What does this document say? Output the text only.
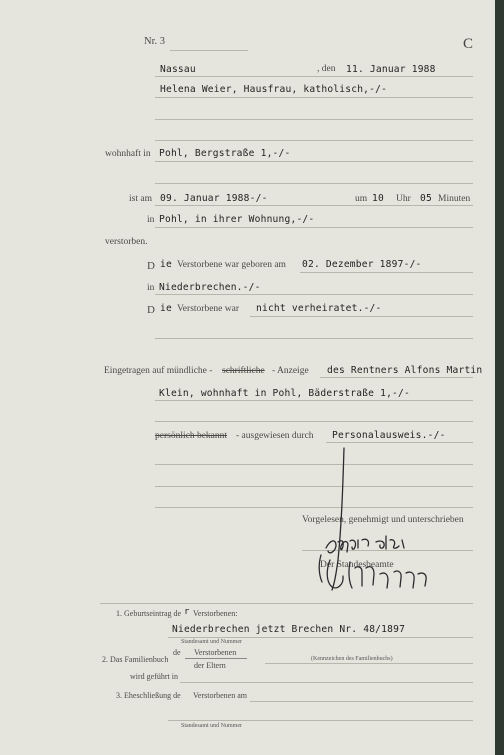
Nr. 3	C
Nassau	, den 11. Januar 1988
Helena Weier, Hausfrau, katholisch,-/-
wohnhaft in Pohl, Bergstraße 1,-/-
ist am 09. Januar 1988-/-	um 10 Uhr 05 Minuten
in Pohl, in ihrer Wohnung,-/-
verstorben.
D ie Verstorbene war geboren am 02. Dezember 1897-/-
in Niederbrechen.-/-
D ie Verstorbene war nicht verheiratet.-/-
Eingetragen auf mündliche - schriftliche - Anzeige des Rentners Alfons Martin
Klein, wohnhaft in Pohl, Bäderstraße 1,-/-
persönlich bekannt - ausgewiesen durch Personalausweis.-/-
Vorgelesen, genehmigt und unterschrieben
Der Standesbeamte
1. Geburtseintrag de r Verstorbenen:
Niederbrechen jetzt Brechen Nr. 48/1897
Standesamt und Nummer
de Verstorbenen
2. Das Familienbuch
der Eltern
(Kennzeichen des Familienbuchs)
wird geführt in
3. Eheschließung de Verstorbenen am
Standesamt und Nummer
